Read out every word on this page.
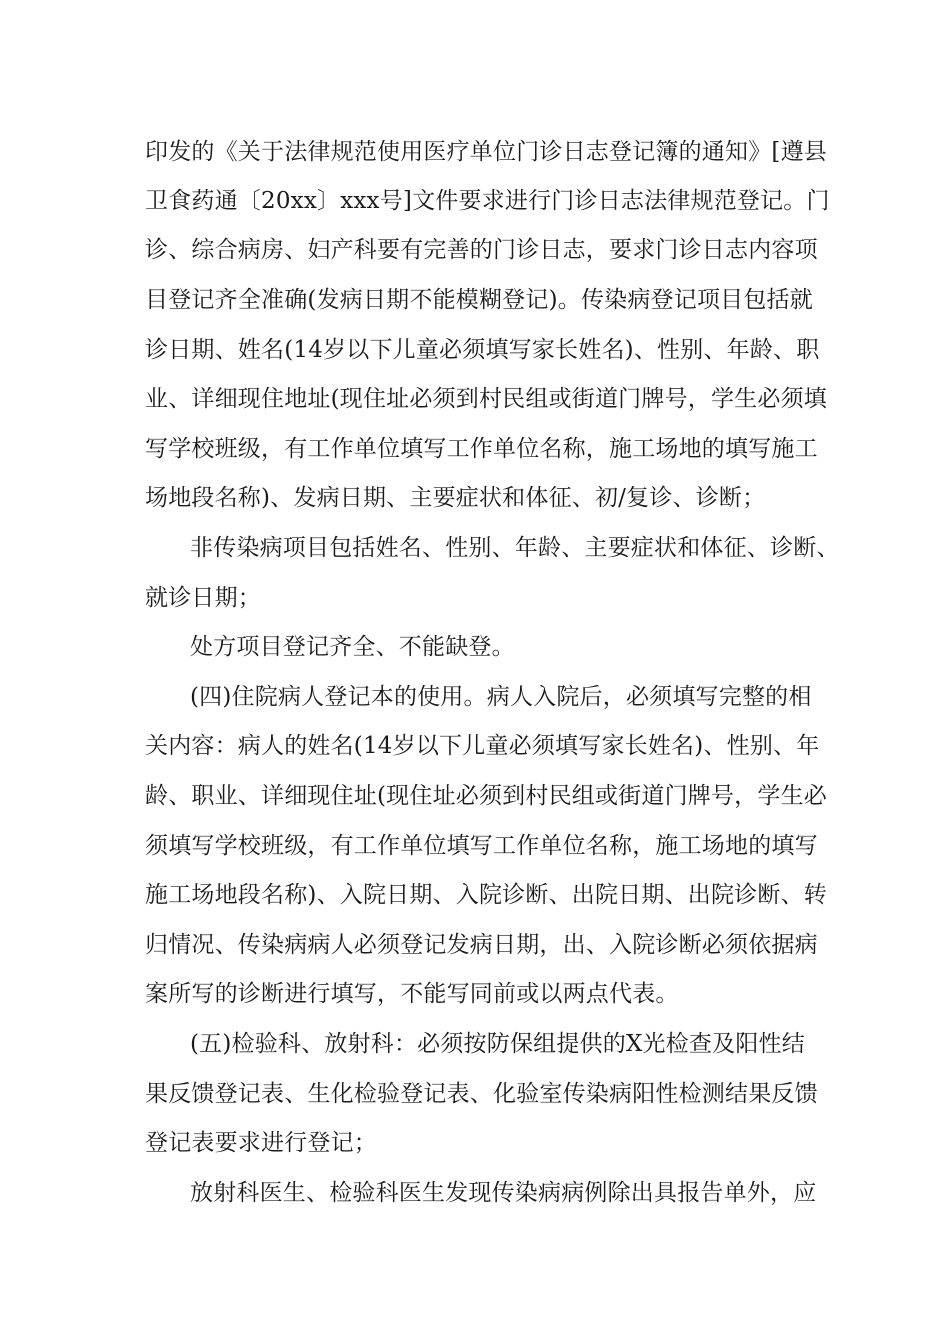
印发的《关于法律规范使用医疗单位门诊日志登记簿的通知》[遵县
卫食药通〔20xx〕xxx号]文件要求进行门诊日志法律规范登记。门
诊、综合病房、妇产科要有完善的门诊日志，要求门诊日志内容项
目登记齐全准确(发病日期不能模糊登记)。传染病登记项目包括就
诊日期、姓名(14岁以下儿童必须填写家长姓名)、性别、年龄、职
业、详细现住地址(现住址必须到村民组或街道门牌号，学生必须填
写学校班级，有工作单位填写工作单位名称，施工场地的填写施工
场地段名称)、发病日期、主要症状和体征、初/复诊、诊断；
非传染病项目包括姓名、性别、年龄、主要症状和体征、诊断、
就诊日期；
处方项目登记齐全、不能缺登。
(四)住院病人登记本的使用。病人入院后，必须填写完整的相
关内容：病人的姓名(14岁以下儿童必须填写家长姓名)、性别、年
龄、职业、详细现住址(现住址必须到村民组或街道门牌号，学生必
须填写学校班级，有工作单位填写工作单位名称，施工场地的填写
施工场地段名称)、入院日期、入院诊断、出院日期、出院诊断、转
归情况、传染病病人必须登记发病日期，出、入院诊断必须依据病
案所写的诊断进行填写，不能写同前或以两点代表。
(五)检验科、放射科：必须按防保组提供的X光检查及阳性结
果反馈登记表、生化检验登记表、化验室传染病阳性检测结果反馈
登记表要求进行登记；
放射科医生、检验科医生发现传染病病例除出具报告单外，应
